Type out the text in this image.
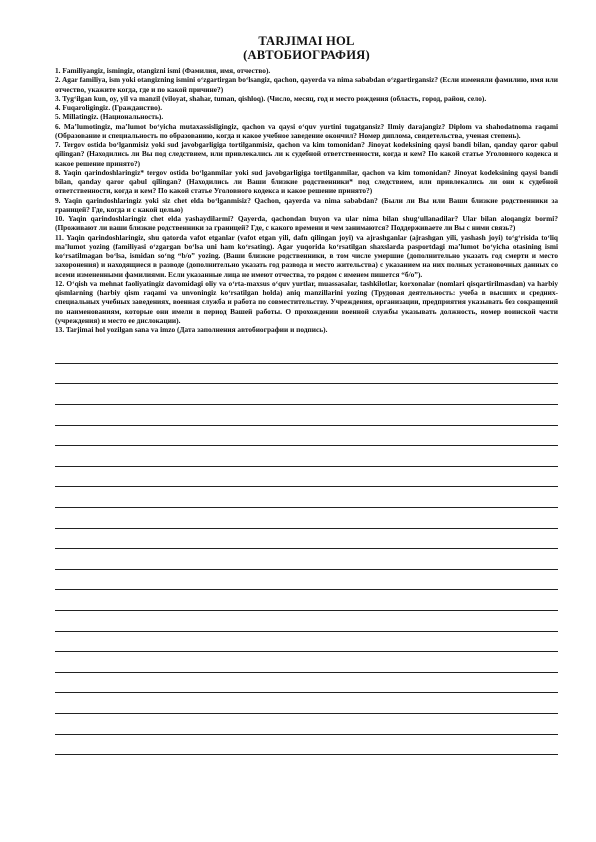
TARJIMAI HOL
(АВТОБИОГРАФИЯ)

1. Familiyangiz, ismingiz, otangizni ismi (Фамилия, имя, отчество).

2. Agar familiya, ism yoki otangizning ismini o‘zgartirgan bo‘lsangiz, qachon, qayerda va nima sababdan o‘zgartirgansiz? (Если изменяли фамилию, имя или отчество, укажите когда, где и по какой причине?)

3. Tyg‘ilgan kun, oy, yil va manzil (viloyat, shahar, tuman, qishloq). (Число, месяц, год и место рождения (область, город, район, село).

4. Fuqaroligingiz. (Гражданство).

5. Millatingiz. (Национальность).

6. Ma’lumotingiz, ma’lumot bo‘yicha mutaxassisligingiz, qachon va qaysi o‘quv yurtini tugatgansiz? Ilmiy darajangiz? Diplom va shahodatnoma raqami (Образование и специальность по образованию, когда и какое учебное заведение окончил? Номер диплома, свидетельства, ученая степень).

7. Tergov ostida bo‘lganmisiz yoki sud javobgarligiga tortilganmisiz, qachon va kim tomonidan? Jinoyat kodeksining qaysi bandi bilan, qanday qaror qabul qilingan? (Находились ли Вы под следствием, или привлекались ли к судебной ответственности, когда и кем? По какой статье Уголовного кодекса и какое решение принято?)

8. Yaqin qarindoshlaringiz* tergov ostida bo‘lganmilar yoki sud javobgarligiga tortilganmilar, qachon va kim tomonidan? Jinoyat kodeksining qaysi bandi bilan, qanday qaror qabul qilingan? (Находились ли Ваши близкие родственники* под следствием, или привлекались ли они к судебной ответственности, когда и кем? По какой статье Уголовного кодекса и какое решение принято?)

9. Yaqin qarindoshlaringiz yoki siz chet elda bo‘lganmisiz? Qachon, qayerda va nima sababdan? (Были ли Вы или Ваши близкие родственники за границей? Где, когда и с какой целью)

10. Yaqin qarindoshlaringiz chet elda yashaydilarmi? Qayerda, qachondan buyon va ular nima bilan shug‘ullanadilar? Ular bilan aloqangiz bormi? (Проживают ли ваши близкие родственники за границей? Где, с какого времени и чем занимаются? Поддерживаете ли Вы с ними связь?)

11. Yaqin qarindoshlaringiz, shu qatorda vafot etganlar (vafot etgan yili, dafn qilingan joyi) va ajrashganlar (ajrashgan yili, yashash joyi) to‘g‘risida to‘liq ma’lumot yozing (familiyasi o‘zgargan bo‘lsa uni ham ko‘rsating). Agar yuqorida ko‘rsatilgan shaxslarda pasportdagi ma’lumot bo‘yicha otasining ismi ko‘rsatilmagan bo‘lsa, ismidan so‘ng “b/o” yozing. (Ваши близкие родственники, в том числе умершие (дополнительно указать год смерти и место захоронения) и находящиеся в разводе (дополнительно указать год развода и место жительства) с указанием на них полных установочных данных со всеми измененными фамилиями. Если указанные лица не имеют отчества, то рядом с именем пишется “б/о”).

12. O‘qish va mehnat faoliyatingiz davomidagi oliy va o‘rta-maxsus o‘quv yurtlar, muassasalar, tashkilotlar, korxonalar (nomlari qisqartirilmasdan) va harbiy qismlarning (harbiy qism raqami va unvoningiz ko‘rsatilgan holda) aniq manzillarini yozing (Трудовая деятельность: учеба в высших и средних-специальных учебных заведениях, военная служба и работа по совместительству. Учреждения, организации, предприятия указывать без сокращений по наименованиям, которые они имели в период Вашей работы. О прохождении военной службы указывать должность, номер воинской части (учреждения) и место ее дислокации).

13. Tarjimai hol yozilgan sana va imzo (Дата заполнения автобиографии и подпись).
